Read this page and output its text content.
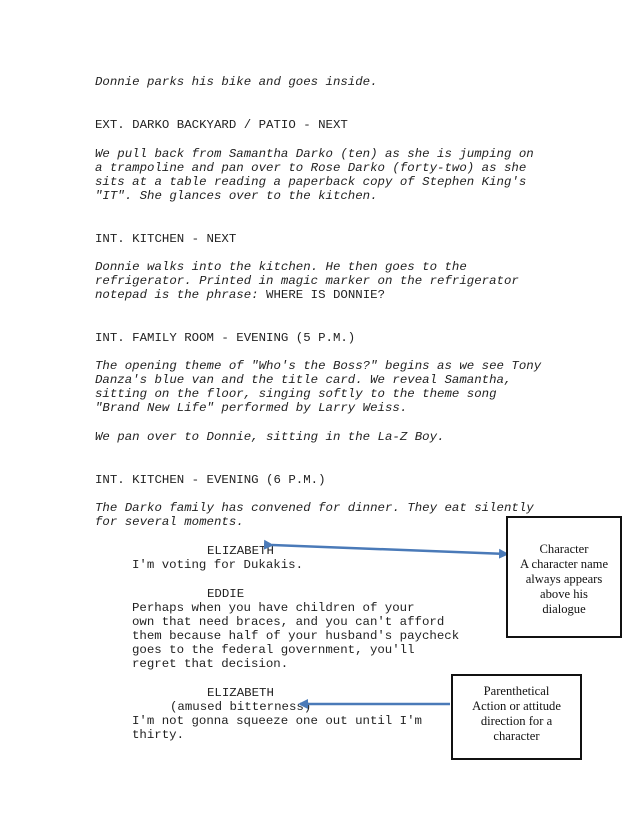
Donnie parks his bike and goes inside.

EXT. DARKO BACKYARD / PATIO - NEXT

We pull back from Samantha Darko (ten) as she is jumping on

a trampoline and pan over to Rose Darko (forty-two) as she

sits at a table reading a paperback copy of Stephen King's

"IT". She glances over to the kitchen.

INT. KITCHEN - NEXT

Donnie walks into the kitchen. He then goes to the

refrigerator. Printed in magic marker on the refrigerator

notepad is the phrase: WHERE IS DONNIE?

INT. FAMILY ROOM - EVENING (5 P.M.)

The opening theme of "Who's the Boss?" begins as we see Tony

Danza's blue van and the title card. We reveal Samantha,

sitting on the floor, singing softly to the theme song

"Brand New Life" performed by Larry Weiss.

We pan over to Donnie, sitting in the La-Z Boy.

INT. KITCHEN - EVENING (6 P.M.)

The Darko family has convened for dinner. They eat silently

for several moments.

ELIZABETH

I'm voting for Dukakis.

EDDIE

Perhaps when you have children of your

own that need braces, and you can't afford

them because half of your husband's paycheck

goes to the federal government, you'll

regret that decision.

ELIZABETH

(amused bitterness)

I'm not gonna squeeze one out until I'm

thirty.

Character
A character name
always appears
above his
dialogue
Parenthetical
Action or attitude
direction for a
character
